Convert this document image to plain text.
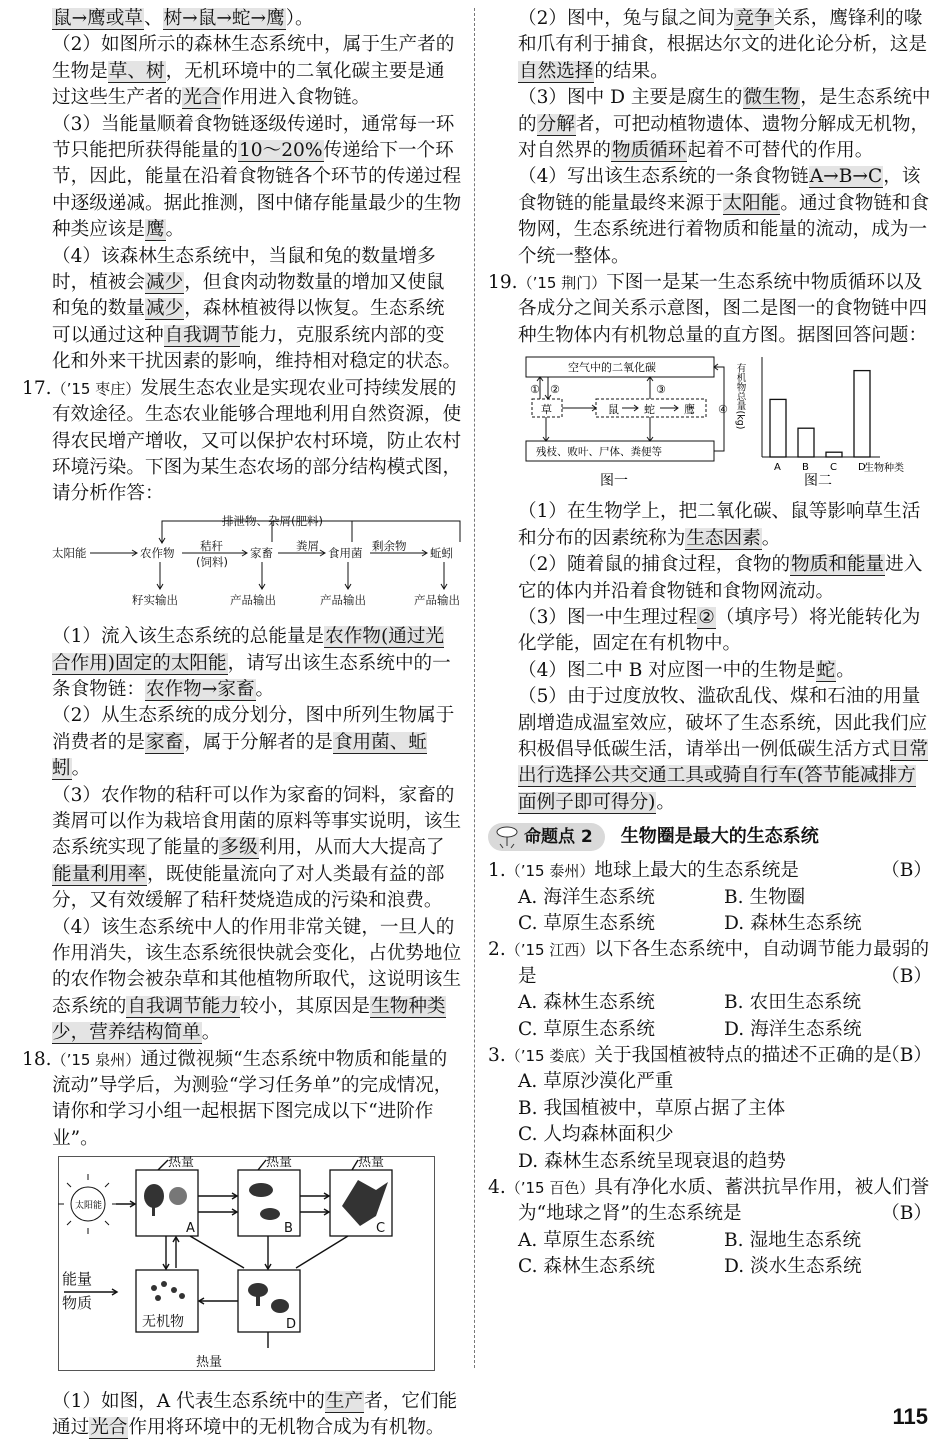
鼠→鹰或草、树→鼠→蛇→鹰）。

（2）如图所示的森林生态系统中，属于生产者的生物是草、树，无机环境中的二氧化碳主要是通过这些生产者的光合作用进入食物链。

（3）当能量顺着食物链逐级传递时，通常每一环节只能把所获得能量的10～20%传递给下一个环节，因此，能量在沿着食物链各个环节的传递过程中逐级递减。据此推测，图中储存能量最少的生物种类应该是鹰。

（4）该森林生态系统中，当鼠和兔的数量增多时，植被会减少，但食肉动物数量的增加又使鼠和兔的数量减少，森林植被得以恢复。生态系统可以通过这种自我调节能力，克服系统内部的变化和外来干扰因素的影响，维持相对稳定的状态。

17.（’15 枣庄）发展生态农业是实现农业可持续发展的有效途径。生态农业能够合理地利用自然资源，使得农民增产增收，又可以保护农村环境，防止农村环境污染。下图为某生态农场的部分结构模式图，请分析作答：

排泄物、杂屑(肥料)
太阳能	农作物 秸秆
(饲料)
家畜 粪屑 食用菌 剩余物 蚯蚓
籽实输出	产品输出	产品输出	产品输出

（1）流入该生态系统的总能量是农作物(通过光合作用)固定的太阳能，请写出该生态系统中的一条食物链：农作物→家畜。

（2）从生态系统的成分划分，图中所列生物属于消费者的是家畜，属于分解者的是食用菌、蚯蚓。

（3）农作物的秸秆可以作为家畜的饲料，家畜的粪屑可以作为栽培食用菌的原料等事实说明，该生态系统实现了能量的多级利用，从而大大提高了能量利用率，既使能量流向了对人类最有益的部分，又有效缓解了秸秆焚烧造成的污染和浪费。

（4）该生态系统中人的作用非常关键，一旦人的作用消失，该生态系统很快就会变化，占优势地位的农作物会被杂草和其他植物所取代，这说明该生态系统的自我调节能力较小，其原因是生物种类少，营养结构简单。

18.（’15 泉州）通过微视频“生态系统中物质和能量的流动”导学后，为测验“学习任务单”的完成情况，请你和学习小组一起根据下图完成以下“进阶作业”。

太阳能
A	B	C
D
无机物
热量	热量	热量
热量
能量
物质

（1）如图，A 代表生态系统中的生产者，它们能通过光合作用将环境中的无机物合成为有机物。

（2）图中，兔与鼠之间为竞争关系，鹰锋利的喙和爪有利于捕食，根据达尔文的进化论分析，这是自然选择的结果。

（3）图中 D 主要是腐生的微生物，是生态系统中的分解者，可把动植物遗体、遗物分解成无机物，对自然界的物质循环起着不可替代的作用。

（4）写出该生态系统的一条食物链A→B→C，该食物链的能量最终来源于太阳能。通过食物链和食物网，生态系统进行着物质和能量的流动，成为一个统一整体。

19.（’15 荆门）下图一是某一生态系统中物质循环以及各成分之间关系示意图，图二是图一的食物链中四种生物体内有机物总量的直方图。据图回答问题：

空气中的二氧化碳
残枝、败叶、尸体、粪便等
草	鼠 蛇	鹰
① ②	③
④
图一
有机物总量(kg)
A B C D
生物种类
图二

（1）在生物学上，把二氧化碳、鼠等影响草生活和分布的因素统称为生态因素。

（2）随着鼠的捕食过程，食物的物质和能量进入它的体内并沿着食物链和食物网流动。

（3）图一中生理过程②（填序号）将光能转化为化学能，固定在有机物中。

（4）图二中 B 对应图一中的生物是蛇。

（5）由于过度放牧、滥砍乱伐、煤和石油的用量剧增造成温室效应，破坏了生态系统，因此我们应积极倡导低碳生活，请举出一例低碳生活方式日常出行选择公共交通工具或骑自行车(答节能减排方面例子即可得分)。

命题点 2	生物圈是最大的生态系统

1.（’15 泰州）地球上最大的生态系统是	（B）

A. 海洋生态系统	B. 生物圈
C. 草原生态系统	D. 森林生态系统

2.（’15 江西）以下各生态系统中，自动调节能力最弱的是	（B）

A. 森林生态系统	B. 农田生态系统
C. 草原生态系统	D. 海洋生态系统

3.（’15 娄底）关于我国植被特点的描述不正确的是
（B）

A. 草原沙漠化严重
B. 我国植被中，草原占据了主体
C. 人均森林面积少
D. 森林生态系统呈现衰退的趋势

4.（’15 百色）具有净化水质、蓄洪抗旱作用，被人们誉为“地球之肾”的生态系统是	（B）

A. 草原生态系统	B. 湿地生态系统
C. 森林生态系统	D. 淡水生态系统
115
